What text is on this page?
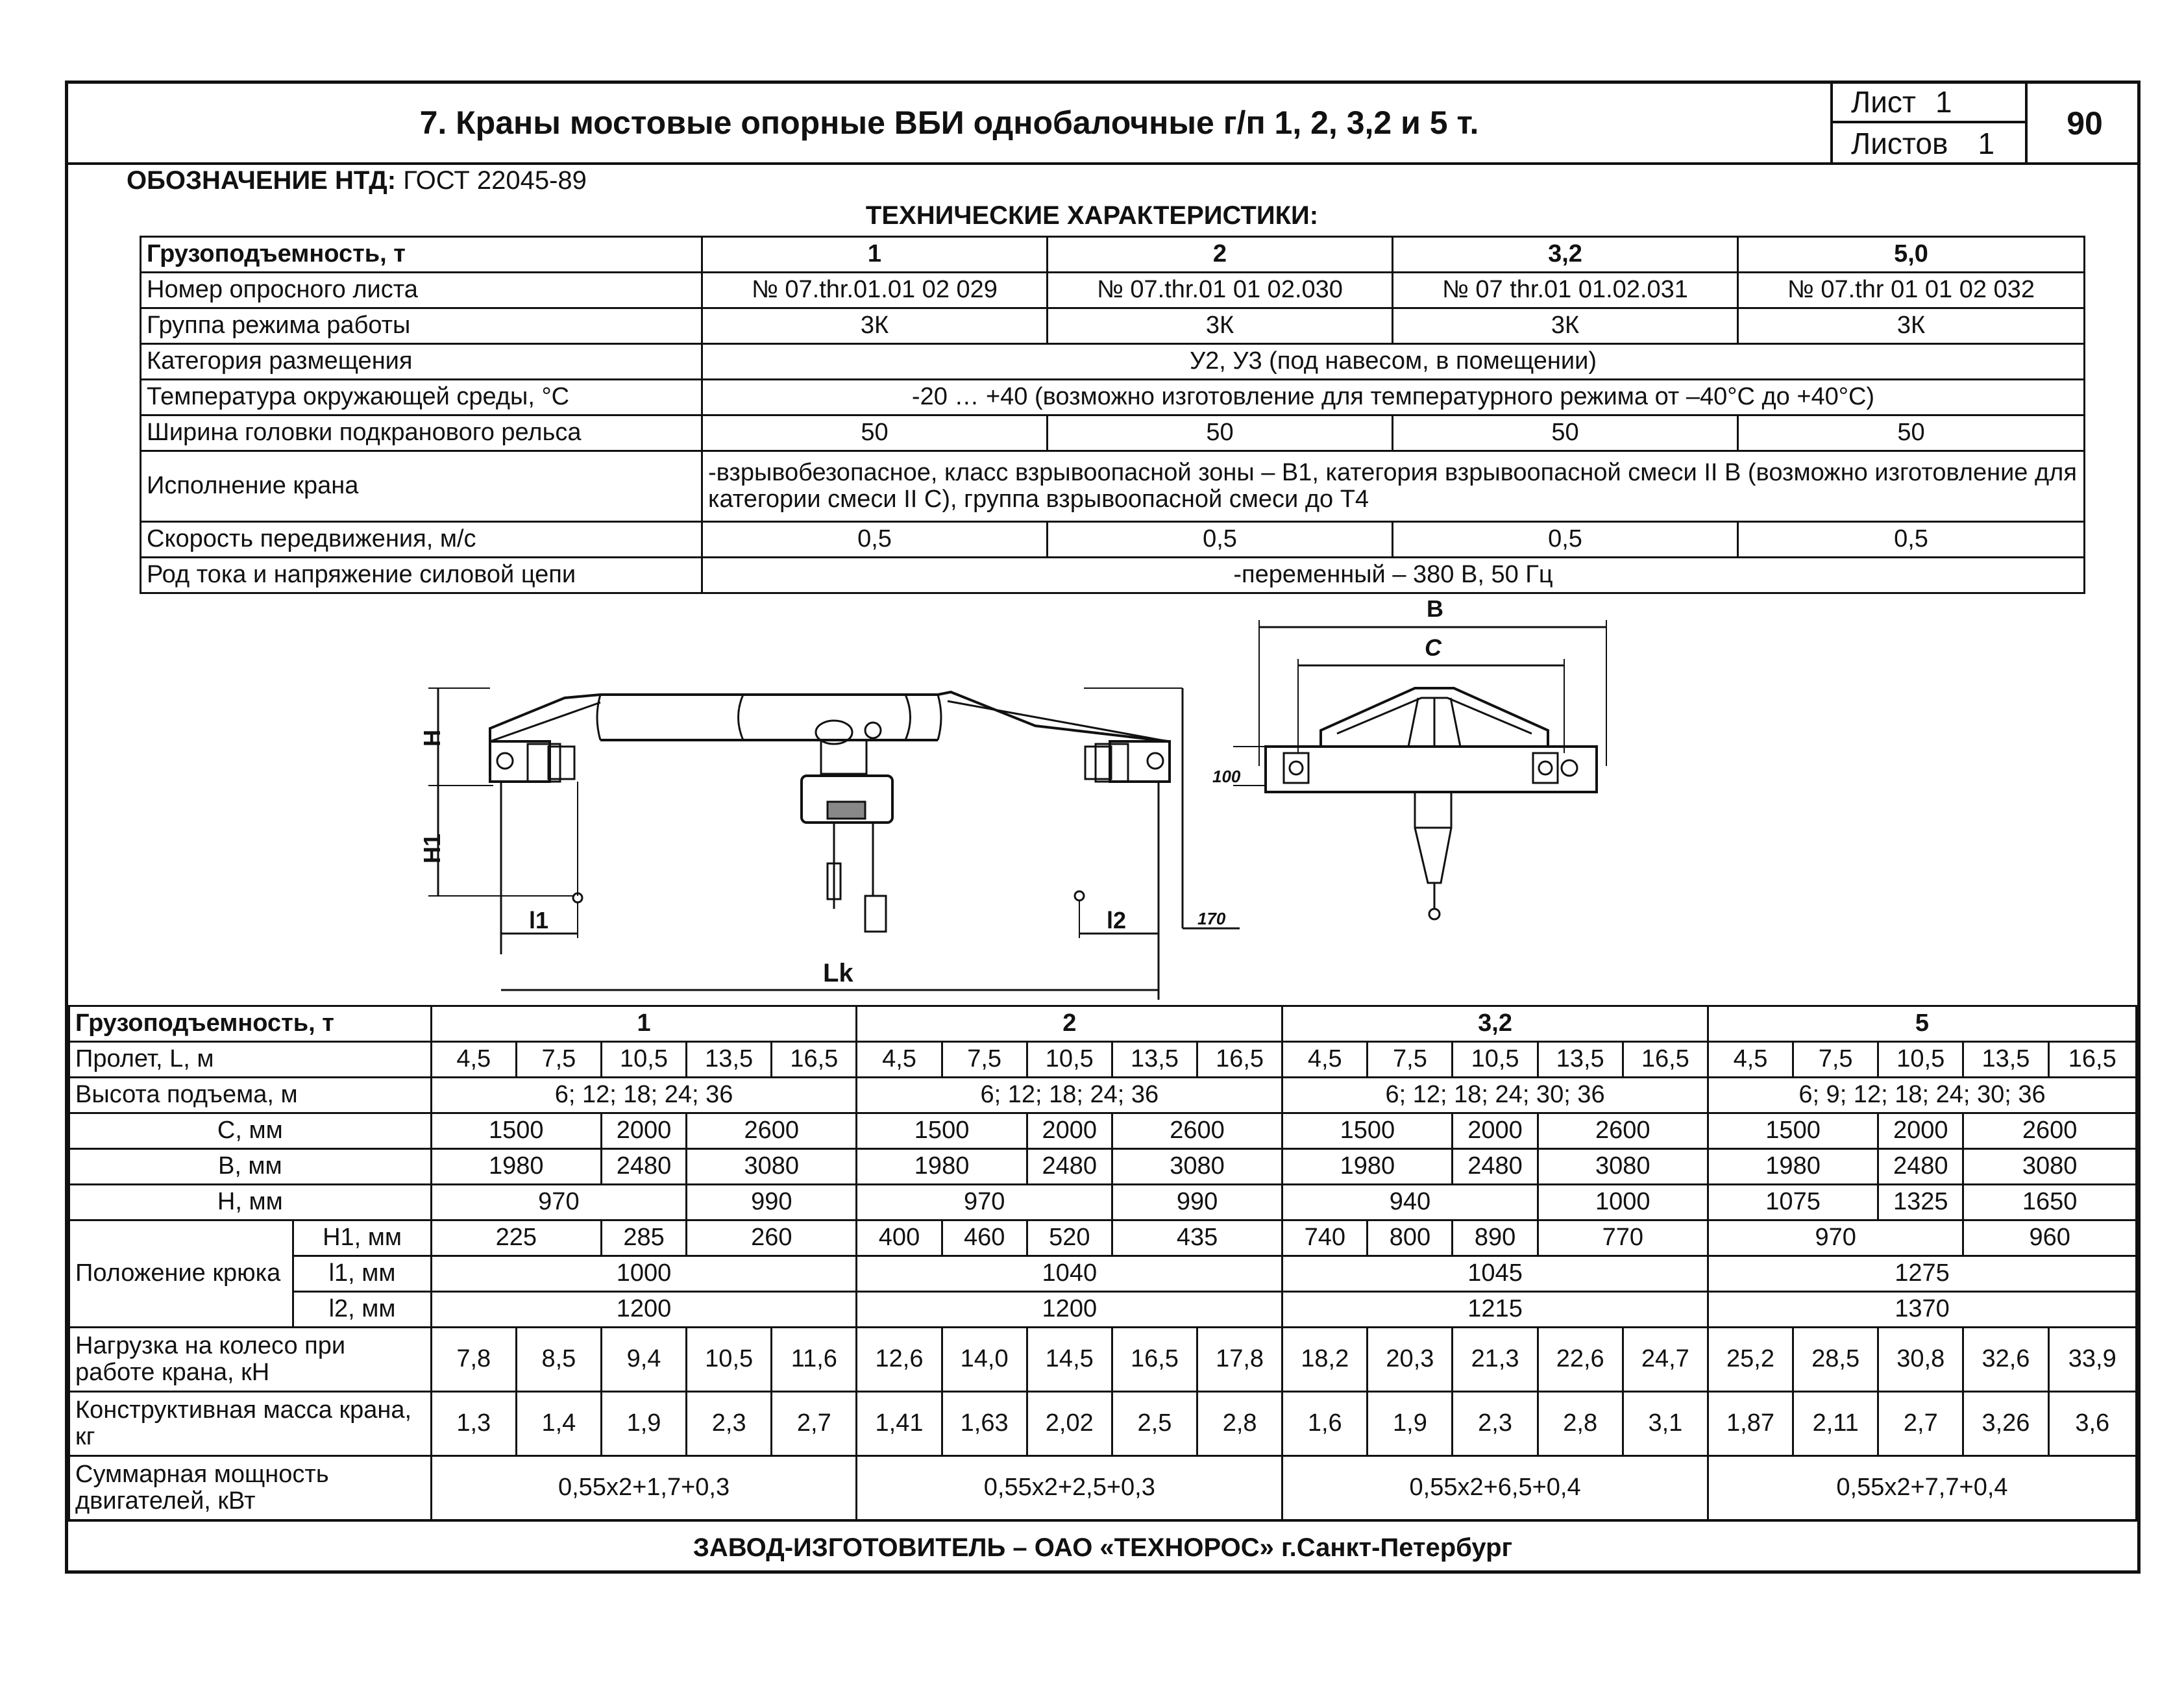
7. Краны мостовые опорные ВБИ однобалочные г/п 1, 2, 3,2 и 5 т.
Лист 1
Листов 1
90
ОБОЗНАЧЕНИЕ НТД: ГОСТ 22045-89
ТЕХНИЧЕСКИЕ ХАРАКТЕРИСТИКИ:
Грузоподъемность, т	1	2	3,2	5,0
Номер опросного листа	№ 07.thr.01.01 02 029	№ 07.thr.01 01 02.030	№ 07 thr.01 01.02.031	№ 07.thr 01 01 02 032
Группа режима работы	3К	3К	3К	3К
Категория размещения	У2, У3 (под навесом, в помещении)			
Температура окружающей среды, °С	-20 … +40 (возможно изготовление для температурного режима от –40°С до +40°С)			
Ширина головки подкранового рельса	50	50	50	50
Исполнение крана	-взрывобезопасное, класс взрывоопасной зоны – В1, категория взрывоопасной смеси II В (возможно изготовление для категории смеси II С), группа взрывоопасной смеси до Т4			
Скорость передвижения, м/с	0,5	0,5	0,5	0,5
Род тока и напряжение силовой цепи	-переменный – 380 В, 50 Гц			
H
H1
l1	l2
Lk
170
B
C
100
Грузоподъемность, т		1					2					3,2					5				
Пролет, L, м		4,5	7,5	10,5	13,5	16,5	4,5	7,5	10,5	13,5	16,5	4,5	7,5	10,5	13,5	16,5	4,5	7,5	10,5	13,5	16,5
Высота подъема, м		6; 12; 18; 24; 36					6; 12; 18; 24; 36					6; 12; 18; 24; 30; 36					6; 9; 12; 18; 24; 30; 36				
С, мм		1500		2000	2600		1500		2000	2600		1500		2000	2600		1500		2000	2600	
В, мм		1980		2480	3080		1980		2480	3080		1980		2480	3080		1980		2480	3080	
Н, мм		970			990		970			990		940			1000		1075		1325	1650	
Положение крюка	Н1, мм	225		285	260		400	460	520	435		740	800	890	770		970			960	
	l1, мм	1000					1040					1045					1275				
	l2, мм	1200					1200					1215					1370				
Нагрузка на колесо при работе крана, кН		7,8	8,5	9,4	10,5	11,6	12,6	14,0	14,5	16,5	17,8	18,2	20,3	21,3	22,6	24,7	25,2	28,5	30,8	32,6	33,9
Конструктивная масса крана, кг		1,3	1,4	1,9	2,3	2,7	1,41	1,63	2,02	2,5	2,8	1,6	1,9	2,3	2,8	3,1	1,87	2,11	2,7	3,26	3,6
Суммарная мощность двигателей, кВт		0,55x2+1,7+0,3					0,55x2+2,5+0,3					0,55x2+6,5+0,4					0,55x2+7,7+0,4				
ЗАВОД-ИЗГОТОВИТЕЛЬ – ОАО «ТЕХНОРОС» г.Санкт-Петербург
